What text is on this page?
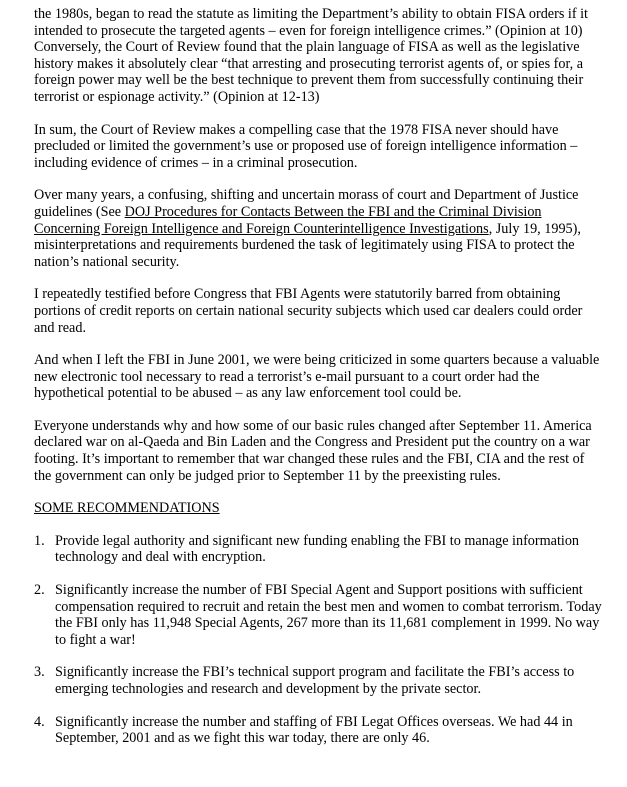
the 1980s, began to read the statute as limiting the Department’s ability to obtain FISA orders if it intended to prosecute the targeted agents – even for foreign intelligence crimes.” (Opinion at 10) Conversely, the Court of Review found that the plain language of FISA as well as the legislative history makes it absolutely clear “that arresting and prosecuting terrorist agents of, or spies for, a foreign power may well be the best technique to prevent them from successfully continuing their terrorist or espionage activity.” (Opinion at 12-13)

In sum, the Court of Review makes a compelling case that the 1978 FISA never should have precluded or limited the government’s use or proposed use of foreign intelligence information – including evidence of crimes – in a criminal prosecution.

Over many years, a confusing, shifting and uncertain morass of court and Department of Justice guidelines (See DOJ Procedures for Contacts Between the FBI and the Criminal Division Concerning Foreign Intelligence and Foreign Counterintelligence Investigations, July 19, 1995), misinterpretations and requirements burdened the task of legitimately using FISA to protect the nation’s national security.

I repeatedly testified before Congress that FBI Agents were statutorily barred from obtaining portions of credit reports on certain national security subjects which used car dealers could order and read.

And when I left the FBI in June 2001, we were being criticized in some quarters because a valuable new electronic tool necessary to read a terrorist’s e-mail pursuant to a court order had the hypothetical potential to be abused – as any law enforcement tool could be.

Everyone understands why and how some of our basic rules changed after September 11. America declared war on al-Qaeda and Bin Laden and the Congress and President put the country on a war footing. It’s important to remember that war changed these rules and the FBI, CIA and the rest of the government can only be judged prior to September 11 by the preexisting rules.

SOME RECOMMENDATIONS

1. Provide legal authority and significant new funding enabling the FBI to manage information technology and deal with encryption.
2. Significantly increase the number of FBI Special Agent and Support positions with sufficient compensation required to recruit and retain the best men and women to combat terrorism. Today the FBI only has 11,948 Special Agents, 267 more than its 11,681 complement in 1999. No way to fight a war!
3. Significantly increase the FBI’s technical support program and facilitate the FBI’s access to emerging technologies and research and development by the private sector.
4. Significantly increase the number and staffing of FBI Legat Offices overseas. We had 44 in September, 2001 and as we fight this war today, there are only 46.
